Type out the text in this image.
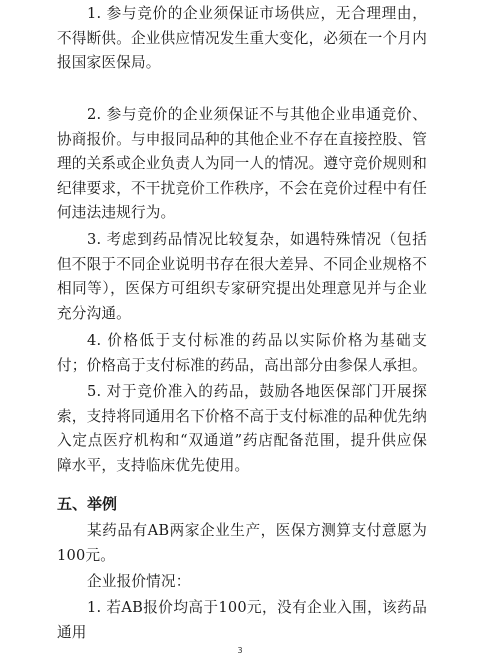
1. 参与竞价的企业须保证市场供应，无合理理由，不得断供。企业供应情况发生重大变化，必须在一个月内报国家医保局。

2. 参与竞价的企业须保证不与其他企业串通竞价、协商报价。与申报同品种的其他企业不存在直接控股、管理的关系或企业负责人为同一人的情况。遵守竞价规则和纪律要求，不干扰竞价工作秩序，不会在竞价过程中有任何违法违规行为。

3. 考虑到药品情况比较复杂，如遇特殊情况（包括但不限于不同企业说明书存在很大差异、不同企业规格不相同等），医保方可组织专家研究提出处理意见并与企业充分沟通。

4. 价格低于支付标准的药品以实际价格为基础支付；价格高于支付标准的药品，高出部分由参保人承担。

5. 对于竞价准入的药品，鼓励各地医保部门开展探索，支持将同通用名下价格不高于支付标准的品种优先纳入定点医疗机构和“双通道”药店配备范围，提升供应保障水平，支持临床优先使用。

五、举例

某药品有AB两家企业生产，医保方测算支付意愿为100元。

企业报价情况：

1. 若AB报价均高于100元，没有企业入围，该药品通用

3
